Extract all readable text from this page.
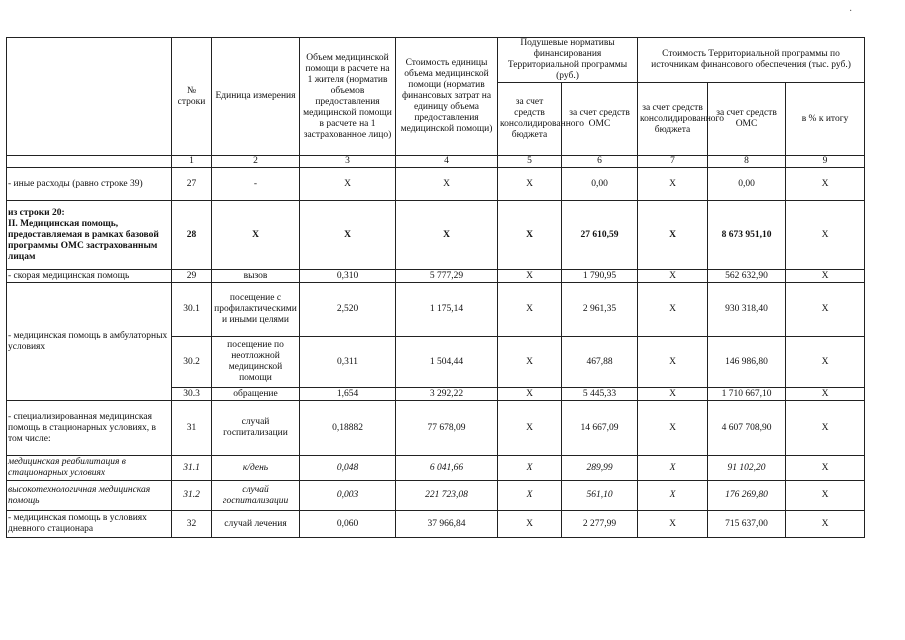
·
	№ строки	Единица измерения	Объем медицинской помощи в расчете на 1 жителя (норматив объемов предоставления медицинской помощи в расчете на 1 застрахованное лицо)	Стоимость единицы объема медицинской помощи (норматив финансовых затрат на единицу объема предоставления медицинской помощи)	Подушевые нормативы финансирования Территориальной программы (руб.)		Стоимость Территориальной программы по источникам финансового обеспечения (тыс. руб.)		
					за счет средств консолидированного бюджета	за счет средств ОМС	за счет средств консолидированного бюджета	за счет средств ОМС	в % к итогу
	1	2	3	4	5	6	7	8	9
- иные расходы (равно строке 39)	27	-	Х	Х	Х	0,00	Х	0,00	Х
из строки 20:
II. Медицинская помощь, предоставляемая в рамках базовой программы ОМС застрахованным лицам	28	Х	Х	Х	Х	27 610,59	Х	8 673 951,10	Х
- скорая медицинская помощь	29	вызов	0,310	5 777,29	Х	1 790,95	Х	562 632,90	Х
- медицинская помощь в амбулаторных условиях	30.1	посещение с профилактическими и иными целями	2,520	1 175,14	Х	2 961,35	Х	930 318,40	Х
	30.2	посещение по неотложной медицинской помощи	0,311	1 504,44	Х	467,88	Х	146 986,80	Х
	30.3	обращение	1,654	3 292,22	Х	5 445,33	Х	1 710 667,10	Х
- специализированная медицинская помощь в стационарных условиях, в том числе:	31	случай госпитализации	0,18882	77 678,09	Х	14 667,09	Х	4 607 708,90	Х
медицинская реабилитация в стационарных условиях	31.1	к/день	0,048	6 041,66	Х	289,99	Х	91 102,20	Х
высокотехнологичная медицинская помощь	31.2	случай госпитализации	0,003	221 723,08	Х	561,10	Х	176 269,80	Х
- медицинская помощь в условиях дневного стационара	32	случай лечения	0,060	37 966,84	Х	2 277,99	Х	715 637,00	Х
